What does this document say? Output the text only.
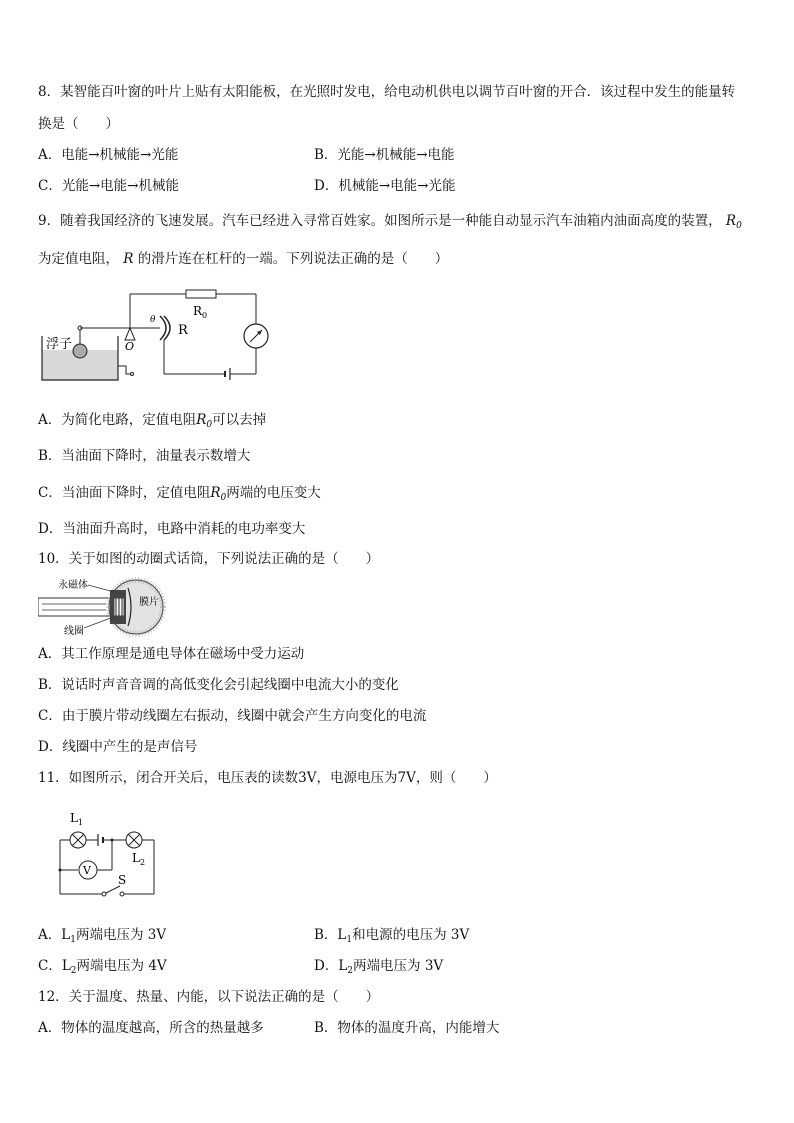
8．某智能百叶窗的叶片上贴有太阳能板，在光照时发电，给电动机供电以调节百叶窗的开合．该过程中发生的能量转
换是（　　）
A．电能→机械能→光能	B．光能→机械能→电能
C．光能→电能→机械能	D．机械能→电能→光能
9．随着我国经济的飞速发展。汽车已经进入寻常百姓家。如图所示是一种能自动显示汽车油箱内油面高度的装置， $R_0$
为定值电阻， R 的滑片连在杠杆的一端。下列说法正确的是（　　）
浮子	O
$R_0$
θ
R
A．为简化电路，定值电阻$R_0$可以去掉
B．当油面下降时，油量表示数增大
C．当油面下降时，定值电阻$R_0$两端的电压变大
D．当油面升高时，电路中消耗的电功率变大
10．关于如图的动圈式话筒，下列说法正确的是（　　）
永磁体
线圈
膜片
A．其工作原理是通电导体在磁场中受力运动
B．说话时声音音调的高低变化会引起线圈中电流大小的变化
C．由于膜片带动线圈左右振动，线圈中就会产生方向变化的电流
D．线圈中产生的是声信号
11．如图所示，闭合开关后，电压表的读数3V，电源电压为7V，则（　　）
$L_1$
$L_2$
V
S
A．$L_1$两端电压为 3V	B．$L_1$和电源的电压为 3V
C．$L_2$两端电压为 4V	D．$L_2$两端电压为 3V
12．关于温度、热量、内能，以下说法正确的是（　　）
A．物体的温度越高，所含的热量越多	B．物体的温度升高，内能增大
